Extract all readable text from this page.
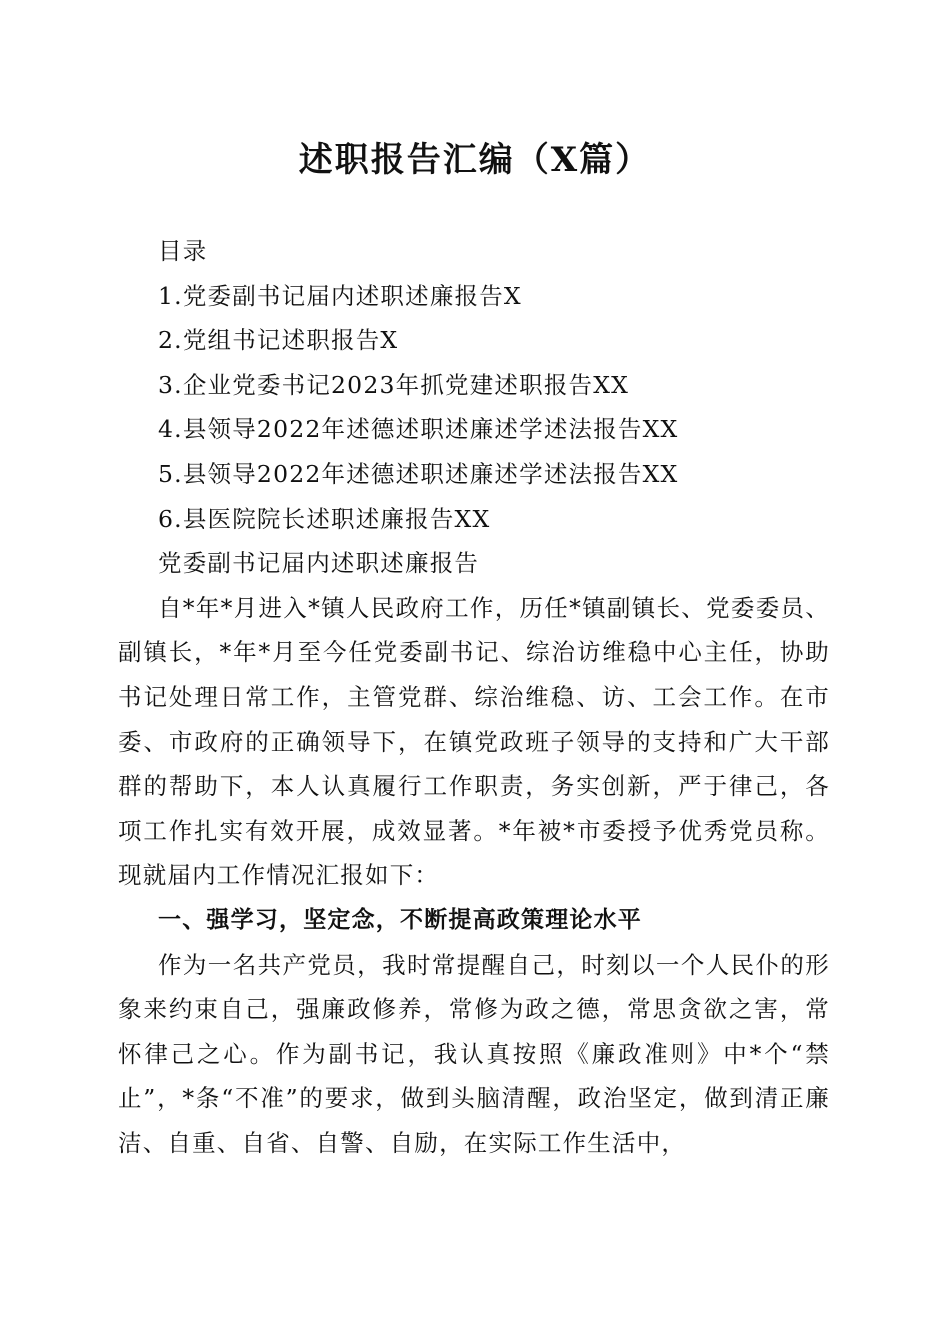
述职报告汇编（X篇）

目录

1.党委副书记届内述职述廉报告X

2.党组书记述职报告X

3.企业党委书记2023年抓党建述职报告XX

4.县领导2022年述德述职述廉述学述法报告XX

5.县领导2022年述德述职述廉述学述法报告XX

6.县医院院长述职述廉报告XX

党委副书记届内述职述廉报告

自*年*月进入*镇人民政府工作，历任*镇副镇长、党委委员、副镇长，*年*月至今任党委副书记、综治访维稳中心主任，协助书记处理日常工作，主管党群、综治维稳、访、工会工作。在市委、市政府的正确领导下，在镇党政班子领导的支持和广大干部群的帮助下，本人认真履行工作职责，务实创新，严于律己，各项工作扎实有效开展，成效显著。*年被*市委授予优秀党员称。现就届内工作情况汇报如下：

一、强学习，坚定念，不断提高政策理论水平

作为一名共产党员，我时常提醒自己，时刻以一个人民仆的形象来约束自己，强廉政修养，常修为政之德，常思贪欲之害，常怀律己之心。作为副书记，我认真按照《廉政准则》中*个“禁止”，*条“不准”的要求，做到头脑清醒，政治坚定，做到清正廉洁、自重、自省、自警、自励，在实际工作生活中，
